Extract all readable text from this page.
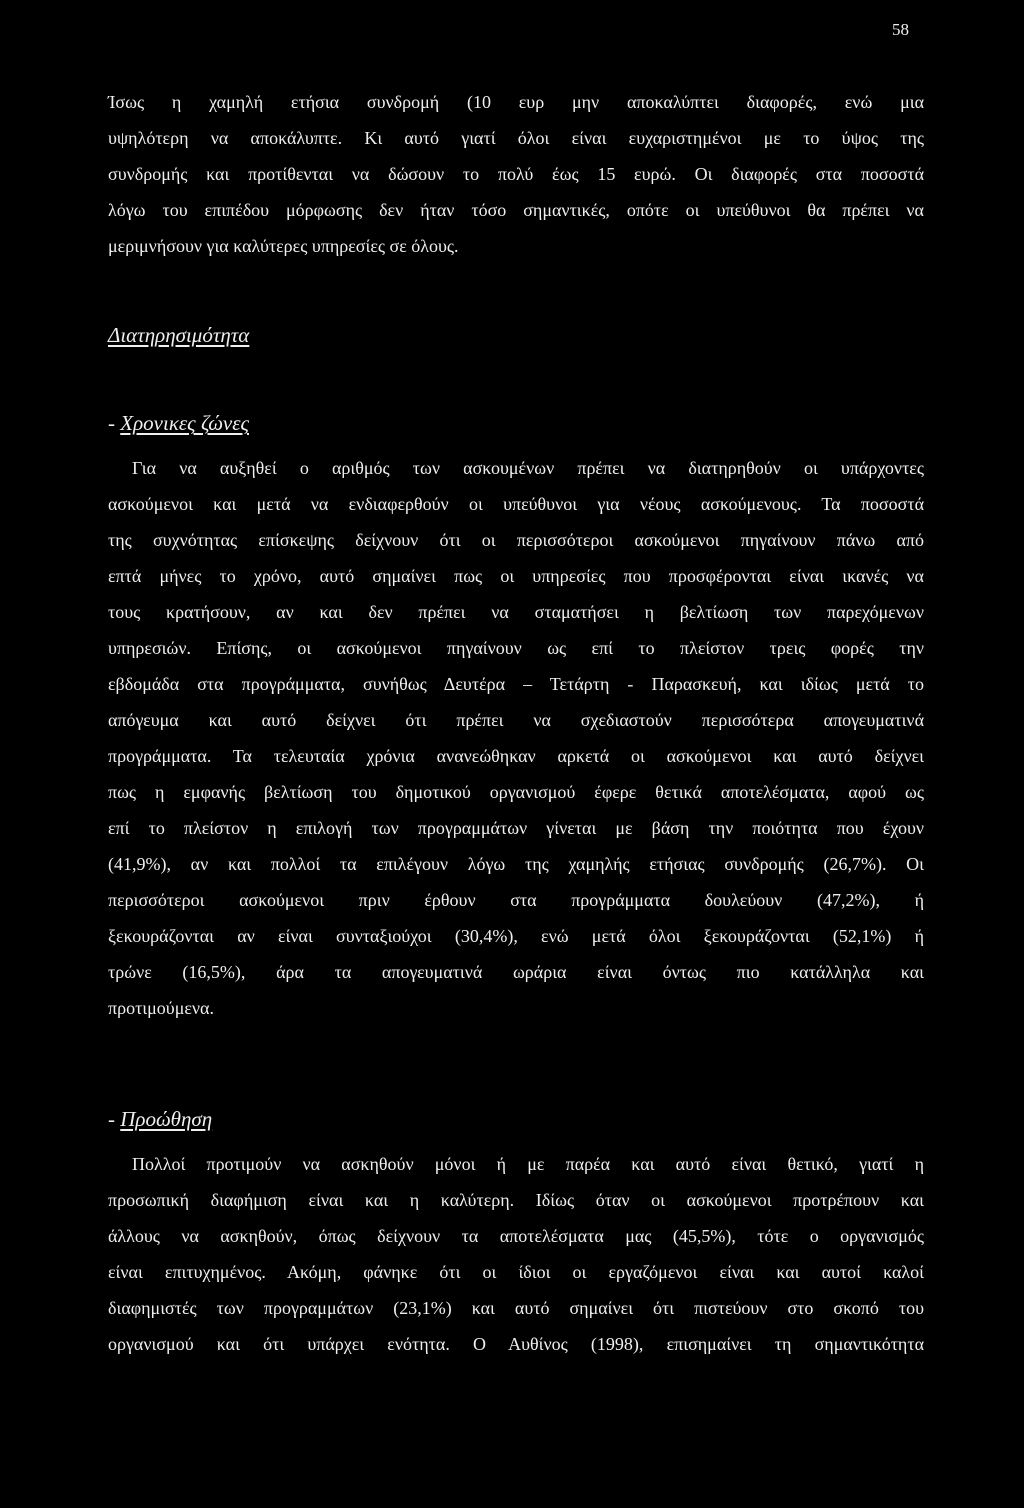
58
Ίσως η χαμηλή ετήσια συνδρομή (10 ευρ μην αποκαλύπτει διαφορές, ενώ μια
υψηλότερη να αποκάλυπτε. Κι αυτό γιατί όλοι είναι ευχαριστημένοι με το ύψος της
συνδρομής και προτίθενται να δώσουν το πολύ έως 15 ευρώ. Οι διαφορές στα ποσοστά
λόγω του επιπέδου μόρφωσης δεν ήταν τόσο σημαντικές, οπότε οι υπεύθυνοι θα πρέπει να
μεριμνήσουν για καλύτερες υπηρεσίες σε όλους.
Διατηρησιμότητα
- Χρονικες ζώνες
Για να αυξηθεί ο αριθμός των ασκουμένων πρέπει να διατηρηθούν οι υπάρχοντες
ασκούμενοι και μετά να ενδιαφερθούν οι υπεύθυνοι για νέους ασκούμενους. Τα ποσοστά
της συχνότητας επίσκεψης δείχνουν ότι οι περισσότεροι ασκούμενοι πηγαίνουν πάνω από
επτά μήνες το χρόνο, αυτό σημαίνει πως οι υπηρεσίες που προσφέρονται είναι ικανές να
τους κρατήσουν, αν και δεν πρέπει να σταματήσει η βελτίωση των παρεχόμενων
υπηρεσιών. Επίσης, οι ασκούμενοι πηγαίνουν ως επί το πλείστον τρεις φορές την
εβδομάδα στα προγράμματα, συνήθως Δευτέρα – Τετάρτη - Παρασκευή, και ιδίως μετά το
απόγευμα και αυτό δείχνει ότι πρέπει να σχεδιαστούν περισσότερα απογευματινά
προγράμματα. Τα τελευταία χρόνια ανανεώθηκαν αρκετά οι ασκούμενοι και αυτό δείχνει
πως η εμφανής βελτίωση του δημοτικού οργανισμού έφερε θετικά αποτελέσματα, αφού ως
επί το πλείστον η επιλογή των προγραμμάτων γίνεται με βάση την ποιότητα που έχουν
(41,9%), αν και πολλοί τα επιλέγουν λόγω της χαμηλής ετήσιας συνδρομής (26,7%). Οι
περισσότεροι ασκούμενοι πριν έρθουν στα προγράμματα δουλεύουν (47,2%), ή
ξεκουράζονται αν είναι συνταξιούχοι (30,4%), ενώ μετά όλοι ξεκουράζονται (52,1%) ή
τρώνε (16,5%), άρα τα απογευματινά ωράρια είναι όντως πιο κατάλληλα και
προτιμούμενα.
- Προώθηση
Πολλοί προτιμούν να ασκηθούν μόνοι ή με παρέα και αυτό είναι θετικό, γιατί η
προσωπική διαφήμιση είναι και η καλύτερη. Ιδίως όταν οι ασκούμενοι προτρέπουν και
άλλους να ασκηθούν, όπως δείχνουν τα αποτελέσματα μας (45,5%), τότε ο οργανισμός
είναι επιτυχημένος. Ακόμη, φάνηκε ότι οι ίδιοι οι εργαζόμενοι είναι και αυτοί καλοί
διαφημιστές των προγραμμάτων (23,1%) και αυτό σημαίνει ότι πιστεύουν στο σκοπό του
οργανισμού και ότι υπάρχει ενότητα. Ο Αυθίνος (1998), επισημαίνει τη σημαντικότητα
